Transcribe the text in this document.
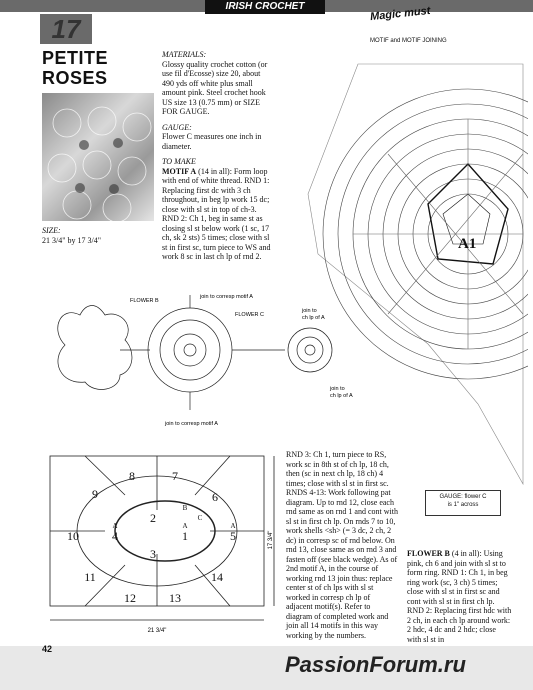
IRISH CROCHET	Magic must
17
PETITE
ROSES
SIZE:
21 3/4" by 17 3/4"
MATERIALS:
Glossy quality crochet cotton (or use fil d'Ecosse) size 20, about 490 yds off white plus small amount pink. Steel crochet hook US size 13 (0.75 mm) or SIZE FOR GAUGE.
GAUGE:
Flower C measures one inch in diameter.
TO MAKE
MOTIF A (14 in all): Form loop with end of white thread. RND 1: Replacing first dc with 3 ch throughout, in beg lp work 15 dc; close with sl st in top of ch-3. RND 2: Ch 1, beg in same st as closing sl st below work (1 sc, 17 ch, sk 2 sts) 5 times; close with sl st in first sc, turn piece to WS and work 8 sc in last ch lp of rnd 2.
MOTIF and MOTIF JOINING
A1
FLOWER B
join to corresp motif A
FLOWER C
join to
ch lp of A
join to
ch lp of A
join to corresp motif A
1
2
3
4	5
6
7
8
9
10
11
12	13
14
A	A
A
B
C
21 3/4"
17 3/4"
RND 3: Ch 1, turn piece to RS, work sc in 8th st of ch lp, 18 ch, then (sc in next ch lp, 18 ch) 4 times; close with sl st in first sc. RNDS 4-13: Work following pat diagram. Up to rnd 12, close each rnd same as on rnd 1 and cont with sl st in first ch lp. On rnds 7 to 10, work shells <sh> (= 3 dc, 2 ch, 2 dc) in corresp sc of rnd below. On rnd 13, close same as on rnd 3 and fasten off (see black wedge). As of 2nd motif A, in the course of working rnd 13 join thus: replace center st of ch lps with sl st worked in corresp ch lp of adjacent motif(s). Refer to diagram of completed work and join all 14 motifs in this way working by the numbers.
GAUGE: flower C
is 1" across
FLOWER B (4 in all): Using pink, ch 6 and join with sl st to form ring. RND 1: Ch 1, in beg ring work (sc, 3 ch) 5 times; close with sl st in first sc and cont with sl st in first ch lp. RND 2: Replacing first hdc with 2 ch, in each ch lp around work: 2 hdc, 4 dc and 2 hdc; close with sl st in
42
PassionForum.ru
